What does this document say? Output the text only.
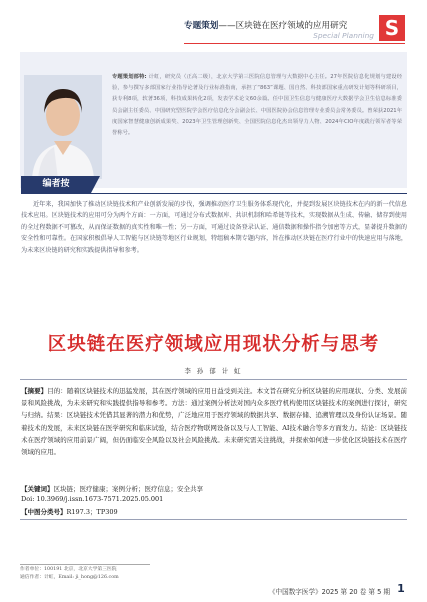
专题策划——区块链在医疗领域的应用研究
Special Planning S
专题策划部特: 计虹，研究员（正高二级），北京大学第三医院信息管理与大数据中心主任。27年医院信息化规划与建设经验，参与撰写多部国家行业指导论著及行业标准指南，承担了“863”课题、国自然、科技部国家重点研发计划等科研项目，获专利8项，软著36项，科技成果转化2项，发表学术论文60余篇。任中国卫生信息与健康医疗大数据学会卫生信息标准委员会副主任委员、中国研究型医院学会医疗信息化分会副会长、中国医院协会信息管理专业委员会常务委员。曾荣获2021年度国家智慧健康创新成果奖、2023年卫生管理创新奖、全国医院信息化杰出领导力人物、2024年CIO年度践行领军者等荣誉称号。
编者按
近年来，我国加快了推动区块链技术和产业创新发展的步伐，强调推动医疗卫生服务体系现代化，并提到发展区块链技术在内的新一代信息技术应用。区块链技术的应用可分为两个方面：一方面，可通过分布式数据库、共识机制和哈希链等技术，实现数据从生成、传输、储存到使用的全过程数据不可篡改，从而保证数据的真实性和唯一性；另一方面，可通过设备登录认证、通信数据和操作指令加密等方式，显著提升数据的安全性和可靠性。在国家积极倡导人工智能与区块链等地区行业规划，特组稿本期专题内容，旨在推动区块链在医疗行业中的快速应用与落地，为未来区块链的研究和实践提供指导和参考。
区块链在医疗领域应用现状分析与思考
李 孙 郁 计 虹
【摘要】目的：随着区块链技术的迅猛发展，其在医疗领域的应用日益受到关注。本文旨在研究分析区块链的应用现状、分类、发展前景和风险挑战，为未来研究和实践提供指导和参考。方法：通过案例分析法对国内众多医疗机构使用区块链技术的案例进行探讨，研究与归纳。结果：区块链技术凭借其显著的潜力和优势，广泛地应用于医疗领域的数据共享、数据存储、追溯管理以及身份认证场景。随着技术的发展，未来区块链在医学研究和临床试验，结合医疗物联网设备以及与人工智能、AI技术融合等多方面发力。结论：区块链技术在医疗领域的应用前景广阔，但仍面临安全风险以及社会风险挑战。未来研究需关注挑战，并探索如何进一步优化区块链技术在医疗领域的应用。
【关键词】区块链；医疗健康；案例分析；医疗信息；安全共享
Doi: 10.3969/j.issn.1673-7571.2025.05.001
【中图分类号】R197.3；TP309
作者单位：100191 北京，北京大学第三医院
通信作者：计虹，Email: ji_hong@126.com
《中国数字医学》2025 第 20 卷 第 5 期 1
